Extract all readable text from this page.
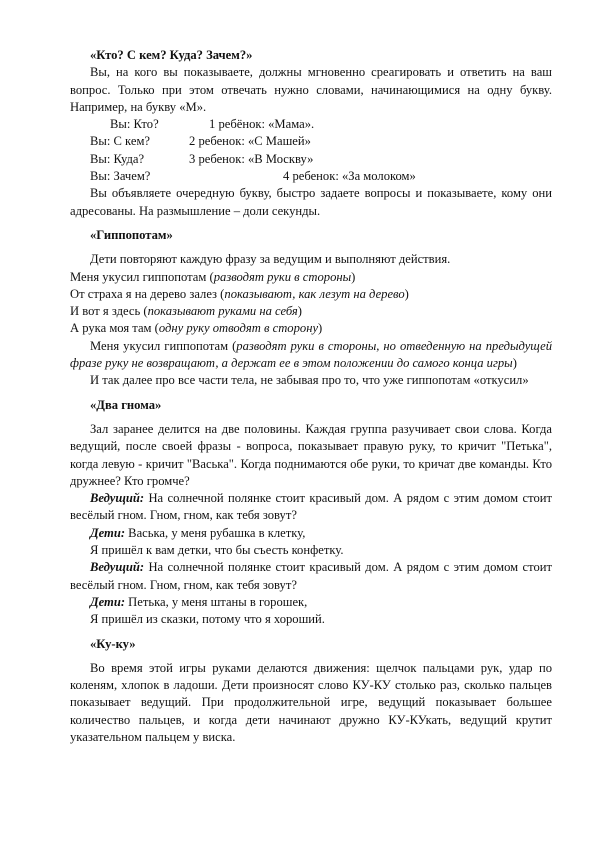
«Кто? С кем? Куда? Зачем?»

Вы, на кого вы показываете, должны мгновенно среагировать и ответить на ваш вопрос. Только при этом отвечать нужно словами, начинающимися на одну букву. Например, на букву «М».

Вы: Кто?	1 ребёнок: «Мама».
Вы: С кем?	2 ребенок: «С Машей»
Вы: Куда?	3 ребенок: «В Москву»
Вы: Зачем?	4 ребенок: «За молоком»

Вы объявляете очередную букву, быстро задаете вопросы и показываете, кому они адресованы. На размышление – доли секунды.

«Гиппопотам»

Дети повторяют каждую фразу за ведущим и выполняют действия.

Меня укусил гиппопотам (разводят руки в стороны)

От страха я на дерево залез (показывают, как лезут на дерево)

И вот я здесь (показывают руками на себя)

А рука моя там (одну руку отводят в сторону)

Меня укусил гиппопотам (разводят руки в стороны, но отведенную на предыдущей фразе руку не возвращают, а держат ее в этом положении до самого конца игры)

И так далее про все части тела, не забывая про то, что уже гиппопотам «откусил»

«Два гнома»

Зал заранее делится на две половины. Каждая группа разучивает свои слова. Когда ведущий, после своей фразы - вопроса, показывает правую руку, то кричит "Петька", когда левую - кричит "Васька". Когда поднимаются обе руки, то кричат две команды. Кто дружнее? Кто громче?

Ведущий: На солнечной полянке стоит красивый дом. А рядом с этим домом стоит весёлый гном. Гном, гном, как тебя зовут?

Дети: Васька, у меня рубашка в клетку,

Я пришёл к вам детки, что бы съесть конфетку.

Ведущий: На солнечной полянке стоит красивый дом. А рядом с этим домом стоит весёлый гном. Гном, гном, как тебя зовут?

Дети: Петька, у меня штаны в горошек,

Я пришёл из сказки, потому что я хороший.

«Ку-ку»

Во время этой игры руками делаются движения: щелчок пальцами рук, удар по коленям, хлопок в ладоши. Дети произносят слово КУ-КУ столько раз, сколько пальцев показывает ведущий. При продолжительной игре, ведущий показывает большее количество пальцев, и когда дети начинают дружно КУ-КУкать, ведущий крутит указательном пальцем у виска.
